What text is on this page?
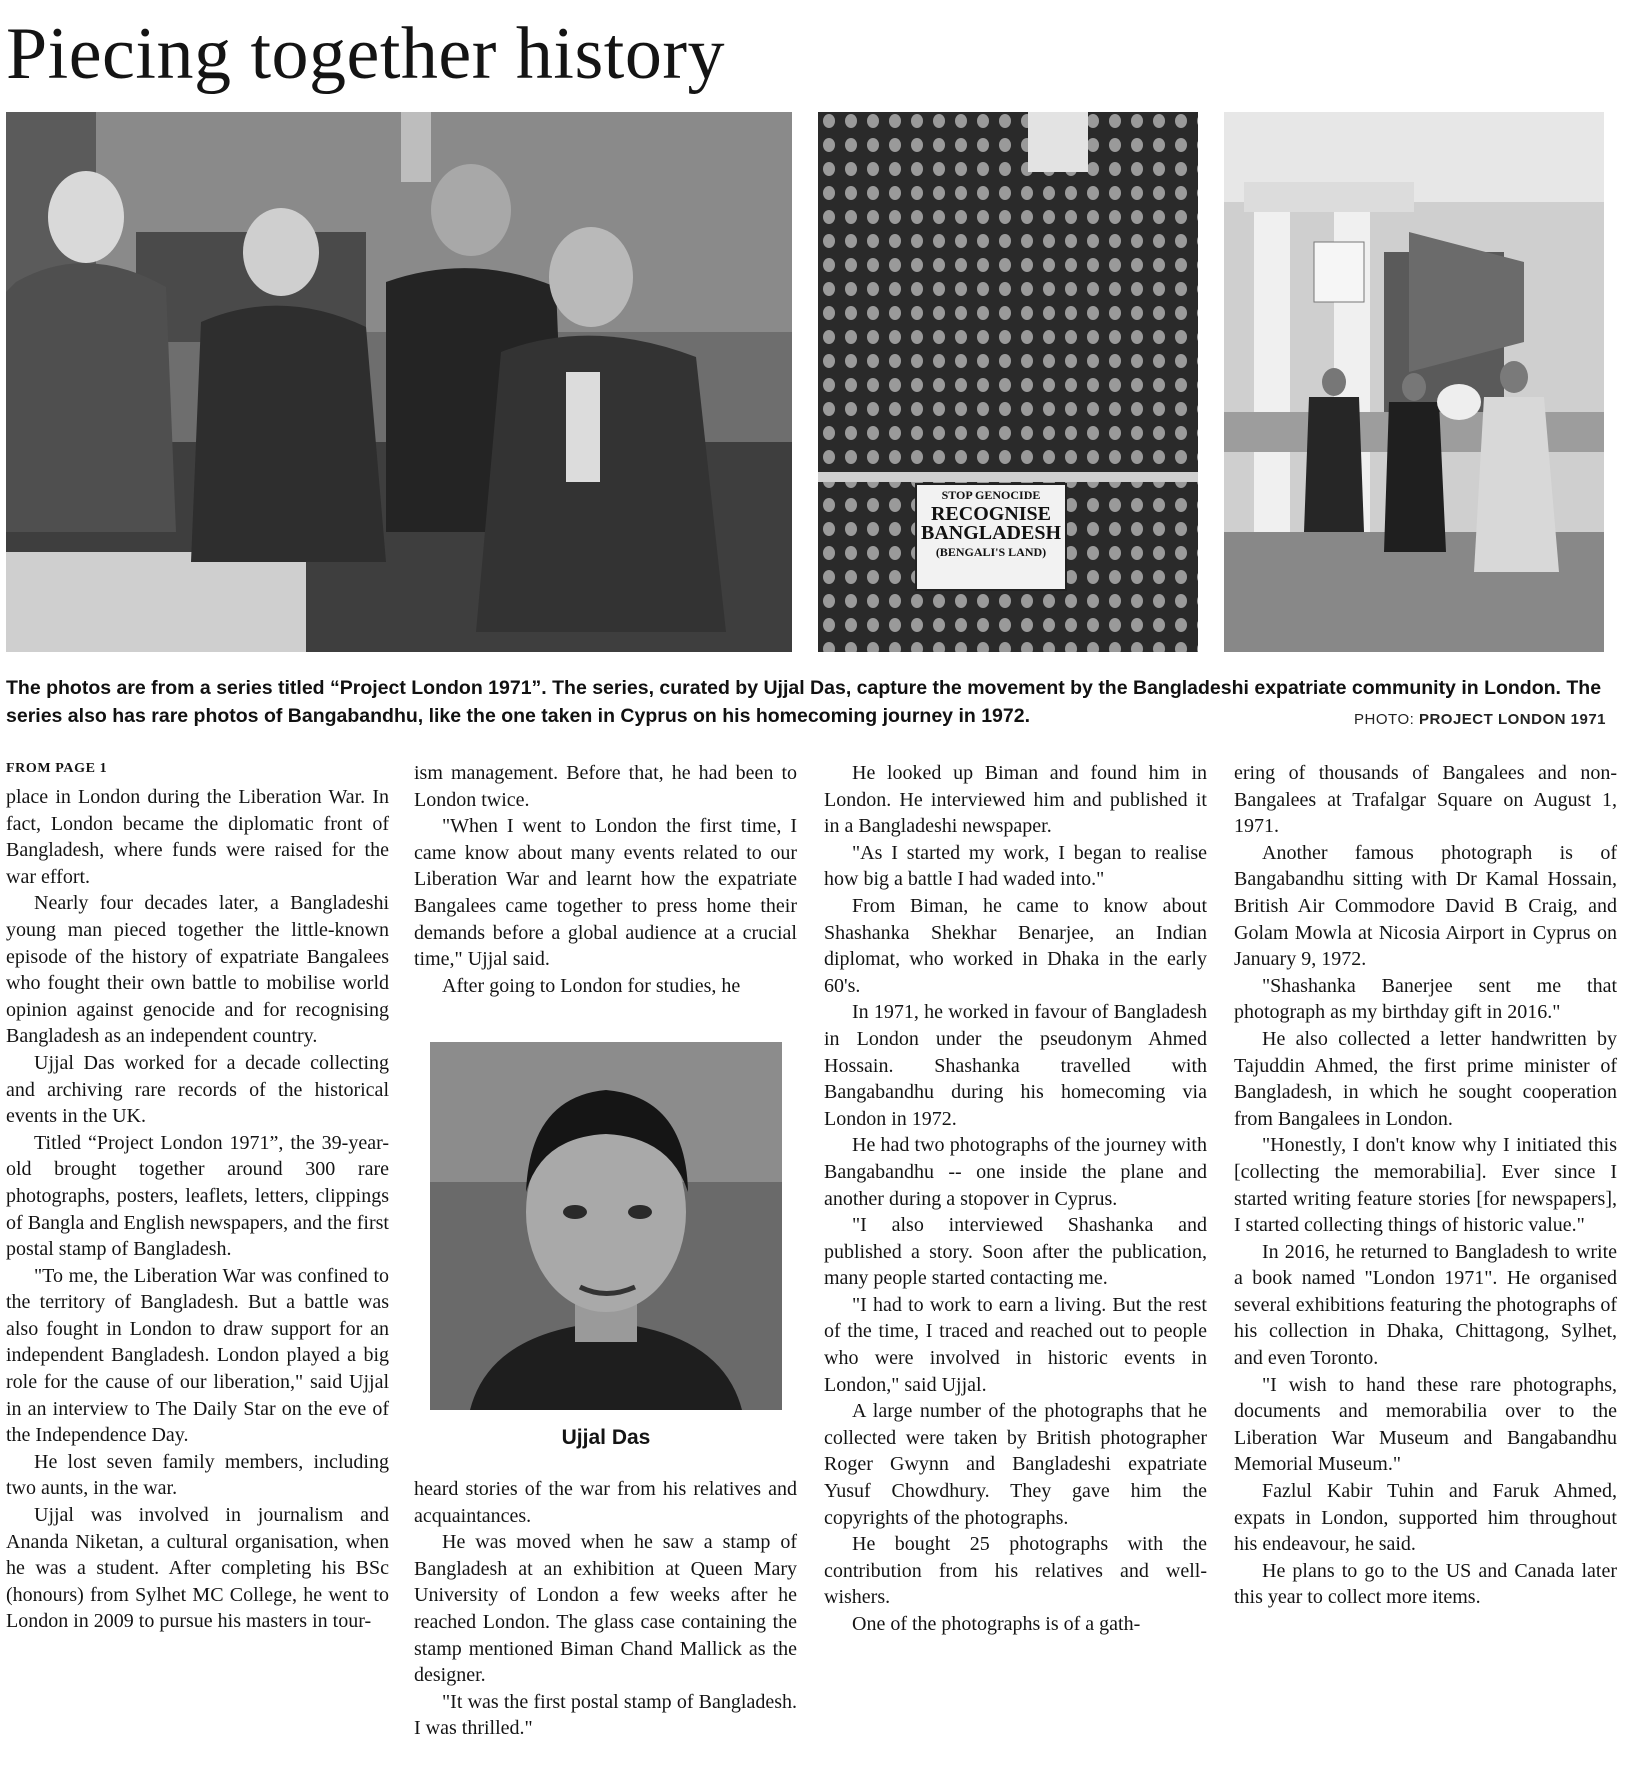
Piecing together history
STOP GENOCIDE
RECOGNISE
BANGLADESH
(BENGALI'S LAND)

The photos are from a series titled “Project London 1971”. The series, curated by Ujjal Das, capture the movement by the Bangladeshi expatriate community in London. The series also has rare photos of Bangabandhu, like the one taken in Cyprus on his homecoming journey in 1972.	PHOTO: PROJECT LONDON 1971
FROM PAGE 1

place in London during the Liberation War. In fact, London became the diplomatic front of Bangladesh, where funds were raised for the war effort.

Nearly four decades later, a Bangladeshi young man pieced together the little-known episode of the history of expatriate Bangalees who fought their own battle to mobilise world opinion against genocide and for recognising Bangladesh as an independent country.

Ujjal Das worked for a decade collecting and archiving rare records of the historical events in the UK.

Titled “Project London 1971”, the 39-year-old brought together around 300 rare photographs, posters, leaflets, letters, clippings of Bangla and English newspapers, and the first postal stamp of Bangladesh.

"To me, the Liberation War was confined to the territory of Bangladesh. But a battle was also fought in London to draw support for an independent Bangladesh. London played a big role for the cause of our liberation," said Ujjal in an interview to The Daily Star on the eve of the Independence Day.

He lost seven family members, including two aunts, in the war.

Ujjal was involved in journalism and Ananda Niketan, a cultural organisation, when he was a student. After completing his BSc (honours) from Sylhet MC College, he went to London in 2009 to pursue his masters in tour-

ism management. Before that, he had been to London twice.

"When I went to London the first time, I came know about many events related to our Liberation War and learnt how the expatriate Bangalees came together to press home their demands before a global audience at a crucial time," Ujjal said.

After going to London for studies, he

Ujjal Das

heard stories of the war from his relatives and acquaintances.

He was moved when he saw a stamp of Bangladesh at an exhibition at Queen Mary University of London a few weeks after he reached London. The glass case containing the stamp mentioned Biman Chand Mallick as the designer.

"It was the first postal stamp of Bangladesh. I was thrilled."

He looked up Biman and found him in London. He interviewed him and published it in a Bangladeshi newspaper.

"As I started my work, I began to realise how big a battle I had waded into."

From Biman, he came to know about Shashanka Shekhar Benarjee, an Indian diplomat, who worked in Dhaka in the early 60's.

In 1971, he worked in favour of Bangladesh in London under the pseudonym Ahmed Hossain. Shashanka travelled with Bangabandhu during his homecoming via London in 1972.

He had two photographs of the journey with Bangabandhu -- one inside the plane and another during a stopover in Cyprus.

"I also interviewed Shashanka and published a story. Soon after the publication, many people started contacting me.

"I had to work to earn a living. But the rest of the time, I traced and reached out to people who were involved in historic events in London," said Ujjal.

A large number of the photographs that he collected were taken by British photographer Roger Gwynn and Bangladeshi expatriate Yusuf Chowdhury. They gave him the copyrights of the photographs.

He bought 25 photographs with the contribution from his relatives and well-wishers.

One of the photographs is of a gath-

ering of thousands of Bangalees and non-Bangalees at Trafalgar Square on August 1, 1971.

Another famous photograph is of Bangabandhu sitting with Dr Kamal Hossain, British Air Commodore David B Craig, and Golam Mowla at Nicosia Airport in Cyprus on January 9, 1972.

"Shashanka Banerjee sent me that photograph as my birthday gift in 2016."

He also collected a letter handwritten by Tajuddin Ahmed, the first prime minister of Bangladesh, in which he sought cooperation from Bangalees in London.

"Honestly, I don't know why I initiated this [collecting the memorabilia]. Ever since I started writing feature stories [for newspapers], I started collecting things of historic value."

In 2016, he returned to Bangladesh to write a book named "London 1971". He organised several exhibitions featuring the photographs of his collection in Dhaka, Chittagong, Sylhet, and even Toronto.

"I wish to hand these rare photographs, documents and memorabilia over to the Liberation War Museum and Bangabandhu Memorial Museum."

Fazlul Kabir Tuhin and Faruk Ahmed, expats in London, supported him throughout his endeavour, he said.

He plans to go to the US and Canada later this year to collect more items.
